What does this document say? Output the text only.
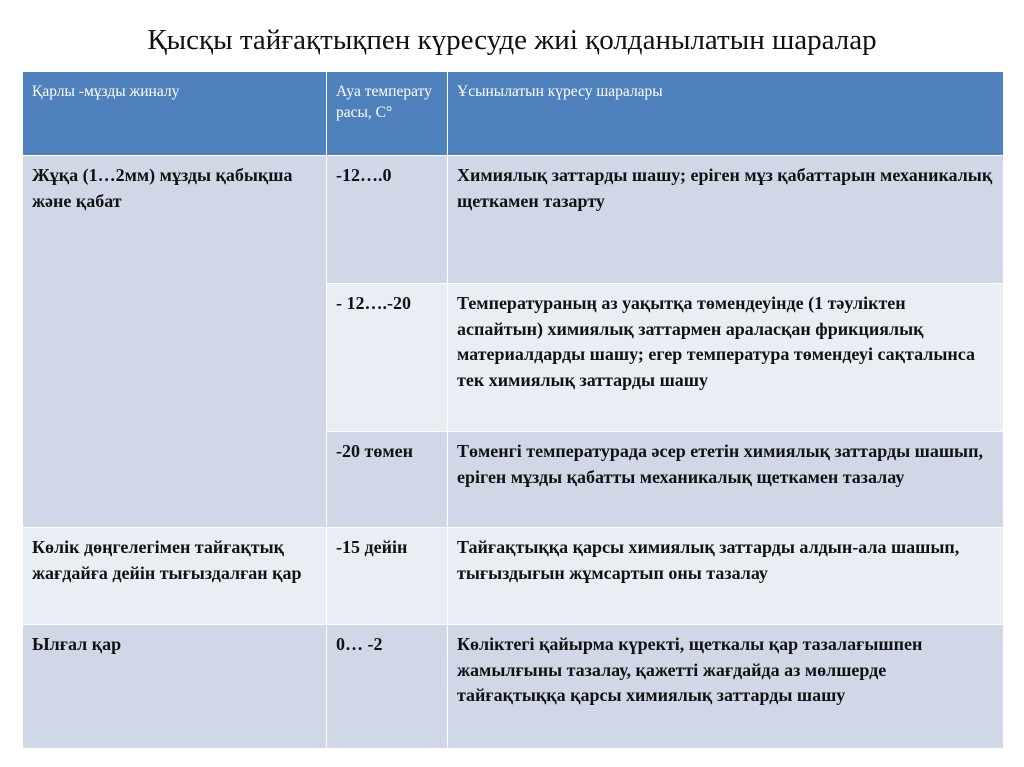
Қысқы тайғақтықпен күресуде жиі қолданылатын шаралар
Қарлы -мұзды жиналу	Ауа температу расы, С°	Ұсынылатын күресу шаралары
Жұқа (1…2мм) мұзды қабықша және қабат	-12….0	Химиялық заттарды шашу; еріген мұз қабаттарын механикалық щеткамен тазарту
	- 12….-20	Температураның аз уақытқа төмендеуінде (1 тәуліктен аспайтын) химиялық заттармен араласқан фрикциялық материалдарды шашу; егер температура төмендеуі сақталынса тек химиялық заттарды шашу
	-20 төмен	Төменгі температурада әсер ететін химиялық заттарды шашып, еріген мұзды қабатты механикалық щеткамен тазалау
Көлік дөңгелегімен тайғақтық жағдайға дейін тығыздалған қар	-15 дейін	Тайғақтыққа қарсы химиялық заттарды алдын-ала шашып, тығыздығын жұмсартып оны тазалау
Ылғал қар	0… -2	Көліктегі қайырма күректі, щеткалы қар тазалағышпен жамылғыны тазалау, қажетті жағдайда аз мөлшерде тайғақтыққа қарсы химиялық заттарды шашу
